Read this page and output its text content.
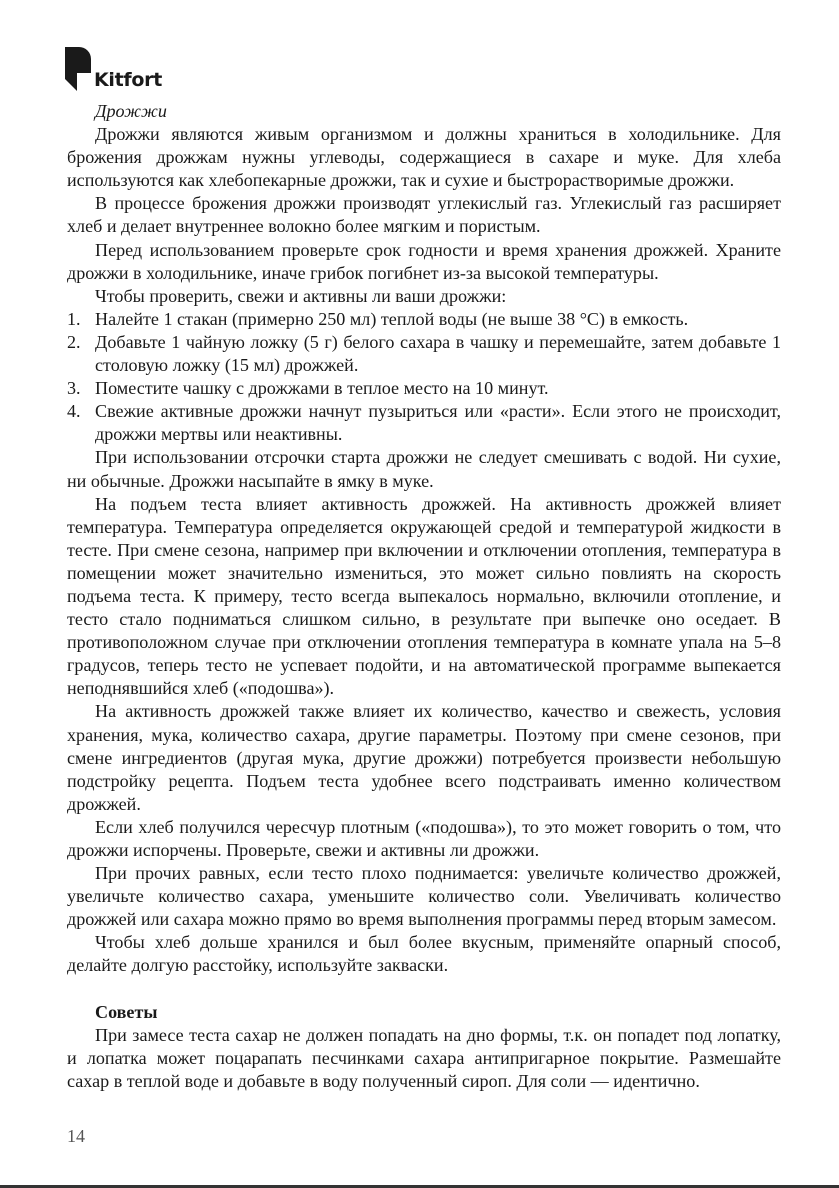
Kitfort
Дрожжи

Дрожжи являются живым организмом и должны храниться в холодильнике. Для брожения дрожжам нужны углеводы, содержащиеся в сахаре и муке. Для хлеба используются как хлебопекарные дрожжи, так и сухие и быстрорастворимые дрожжи.

В процессе брожения дрожжи производят углекислый газ. Углекислый газ расширяет хлеб и делает внутреннее волокно более мягким и пористым.

Перед использованием проверьте срок годности и время хранения дрожжей. Храните дрожжи в холодильнике, иначе грибок погибнет из-за высокой температуры.

Чтобы проверить, свежи и активны ли ваши дрожжи:

1. Налейте 1 стакан (примерно 250 мл) теплой воды (не выше 38 °С) в емкость.
2. Добавьте 1 чайную ложку (5 г) белого сахара в чашку и перемешайте, затем добавьте 1 столовую ложку (15 мл) дрожжей.
3. Поместите чашку с дрожжами в теплое место на 10 минут.
4. Свежие активные дрожжи начнут пузыриться или «расти». Если этого не происходит, дрожжи мертвы или неактивны.

При использовании отсрочки старта дрожжи не следует смешивать с водой. Ни сухие, ни обычные. Дрожжи насыпайте в ямку в муке.

На подъем теста влияет активность дрожжей. На активность дрожжей влияет температура. Температура определяется окружающей средой и температурой жидкости в тесте. При смене сезона, например при включении и отключении отопления, температура в помещении может значительно измениться, это может сильно повлиять на скорость подъема теста. К примеру, тесто всегда выпекалось нормально, включили отопление, и тесто стало подниматься слишком сильно, в результате при выпечке оно оседает. В противоположном случае при отключении отопления температура в комнате упала на 5–8 градусов, теперь тесто не успевает подойти, и на автоматической программе выпекается неподнявшийся хлеб («подошва»).

На активность дрожжей также влияет их количество, качество и свежесть, условия хранения, мука, количество сахара, другие параметры. Поэтому при смене сезонов, при смене ингредиентов (другая мука, другие дрожжи) потребуется произвести небольшую подстройку рецепта. Подъем теста удобнее всего подстраивать именно количеством дрожжей.

Если хлеб получился чересчур плотным («подошва»), то это может говорить о том, что дрожжи испорчены. Проверьте, свежи и активны ли дрожжи.

При прочих равных, если тесто плохо поднимается: увеличьте количество дрожжей, увеличьте количество сахара, уменьшите количество соли. Увеличивать количество дрожжей или сахара можно прямо во время выполнения программы перед вторым замесом.

Чтобы хлеб дольше хранился и был более вкусным, применяйте опарный способ, делайте долгую расстойку, используйте закваски.

Советы

При замесе теста сахар не должен попадать на дно формы, т.к. он попадет под лопатку, и лопатка может поцарапать песчинками сахара антипригарное покрытие. Размешайте сахар в теплой воде и добавьте в воду полученный сироп. Для соли — идентично.

14
